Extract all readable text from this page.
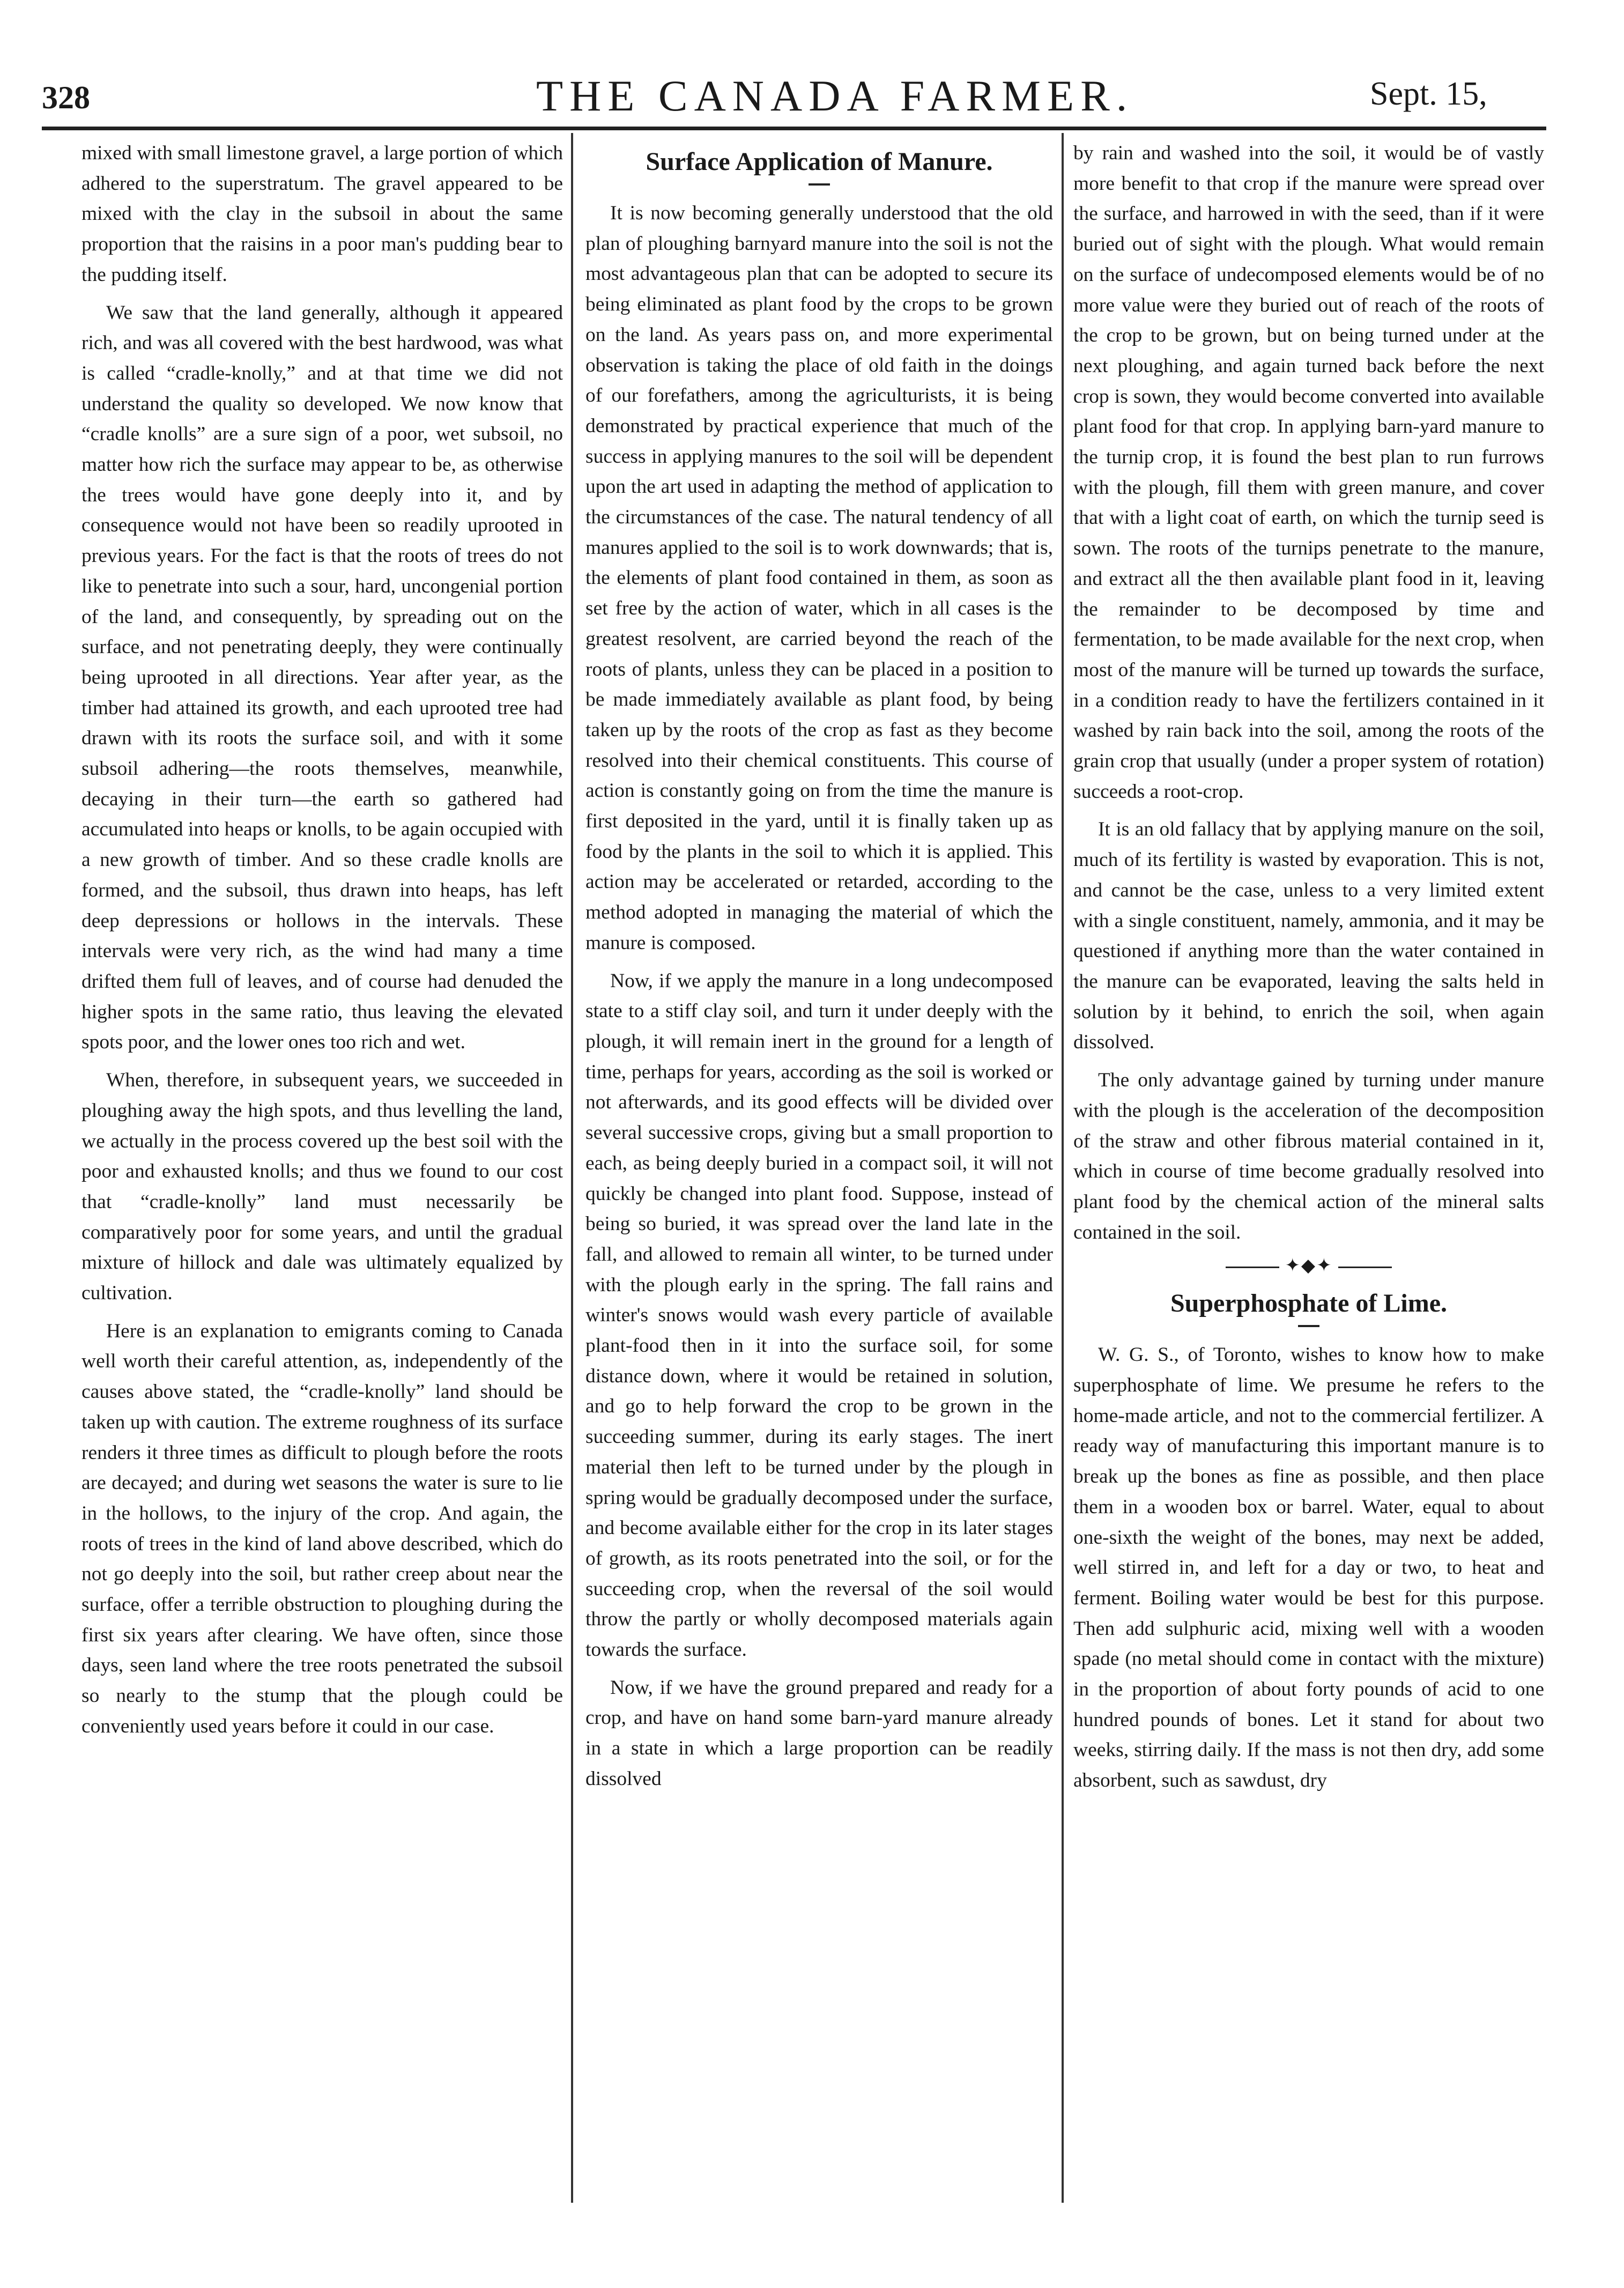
328	THE CANADA FARMER.	Sept. 15,

mixed with small limestone gravel, a large portion of which adhered to the superstratum. The gravel appeared to be mixed with the clay in the subsoil in about the same proportion that the raisins in a poor man's pudding bear to the pudding itself.

We saw that the land generally, although it appeared rich, and was all covered with the best hardwood, was what is called “cradle-knolly,” and at that time we did not understand the quality so developed. We now know that “cradle knolls” are a sure sign of a poor, wet subsoil, no matter how rich the surface may appear to be, as otherwise the trees would have gone deeply into it, and by consequence would not have been so readily uprooted in previous years. For the fact is that the roots of trees do not like to penetrate into such a sour, hard, uncongenial portion of the land, and consequently, by spreading out on the surface, and not penetrating deeply, they were continually being uprooted in all directions. Year after year, as the timber had attained its growth, and each uprooted tree had drawn with its roots the surface soil, and with it some subsoil adhering—the roots themselves, meanwhile, decaying in their turn—the earth so gathered had accumulated into heaps or knolls, to be again occupied with a new growth of timber. And so these cradle knolls are formed, and the subsoil, thus drawn into heaps, has left deep depressions or hollows in the intervals. These intervals were very rich, as the wind had many a time drifted them full of leaves, and of course had denuded the higher spots in the same ratio, thus leaving the elevated spots poor, and the lower ones too rich and wet.

When, therefore, in subsequent years, we succeeded in ploughing away the high spots, and thus levelling the land, we actually in the process covered up the best soil with the poor and exhausted knolls; and thus we found to our cost that “cradle-knolly” land must necessarily be comparatively poor for some years, and until the gradual mixture of hillock and dale was ultimately equalized by cultivation.

Here is an explanation to emigrants coming to Canada well worth their careful attention, as, independently of the causes above stated, the “cradle-knolly” land should be taken up with caution. The extreme roughness of its surface renders it three times as difficult to plough before the roots are decayed; and during wet seasons the water is sure to lie in the hollows, to the injury of the crop. And again, the roots of trees in the kind of land above described, which do not go deeply into the soil, but rather creep about near the surface, offer a terrible obstruction to ploughing during the first six years after clearing. We have often, since those days, seen land where the tree roots penetrated the subsoil so nearly to the stump that the plough could be conveniently used years before it could in our case.

Surface Application of Manure.

It is now becoming generally understood that the old plan of ploughing barnyard manure into the soil is not the most advantageous plan that can be adopted to secure its being eliminated as plant food by the crops to be grown on the land. As years pass on, and more experimental observation is taking the place of old faith in the doings of our forefathers, among the agriculturists, it is being demonstrated by practical experience that much of the success in applying manures to the soil will be dependent upon the art used in adapting the method of application to the circumstances of the case. The natural tendency of all manures applied to the soil is to work downwards; that is, the elements of plant food contained in them, as soon as set free by the action of water, which in all cases is the greatest resolvent, are carried beyond the reach of the roots of plants, unless they can be placed in a position to be made immediately available as plant food, by being taken up by the roots of the crop as fast as they become resolved into their chemical constituents. This course of action is constantly going on from the time the manure is first deposited in the yard, until it is finally taken up as food by the plants in the soil to which it is applied. This action may be accelerated or retarded, according to the method adopted in managing the material of which the manure is composed.

Now, if we apply the manure in a long undecomposed state to a stiff clay soil, and turn it under deeply with the plough, it will remain inert in the ground for a length of time, perhaps for years, according as the soil is worked or not afterwards, and its good effects will be divided over several successive crops, giving but a small proportion to each, as being deeply buried in a compact soil, it will not quickly be changed into plant food. Suppose, instead of being so buried, it was spread over the land late in the fall, and allowed to remain all winter, to be turned under with the plough early in the spring. The fall rains and winter's snows would wash every particle of available plant-food then in it into the surface soil, for some distance down, where it would be retained in solution, and go to help forward the crop to be grown in the succeeding summer, during its early stages. The inert material then left to be turned under by the plough in spring would be gradually decomposed under the surface, and become available either for the crop in its later stages of growth, as its roots penetrated into the soil, or for the succeeding crop, when the reversal of the soil would throw the partly or wholly decomposed materials again towards the surface.

Now, if we have the ground prepared and ready for a crop, and have on hand some barn-yard manure already in a state in which a large proportion can be readily dissolved

by rain and washed into the soil, it would be of vastly more benefit to that crop if the manure were spread over the surface, and harrowed in with the seed, than if it were buried out of sight with the plough. What would remain on the surface of undecomposed elements would be of no more value were they buried out of reach of the roots of the crop to be grown, but on being turned under at the next ploughing, and again turned back before the next crop is sown, they would become converted into available plant food for that crop. In applying barn-yard manure to the turnip crop, it is found the best plan to run furrows with the plough, fill them with green manure, and cover that with a light coat of earth, on which the turnip seed is sown. The roots of the turnips penetrate to the manure, and extract all the then available plant food in it, leaving the remainder to be decomposed by time and fermentation, to be made available for the next crop, when most of the manure will be turned up towards the surface, in a condition ready to have the fertilizers contained in it washed by rain back into the soil, among the roots of the grain crop that usually (under a proper system of rotation) succeeds a root-crop.

It is an old fallacy that by applying manure on the soil, much of its fertility is wasted by evaporation. This is not, and cannot be the case, unless to a very limited extent with a single constituent, namely, ammonia, and it may be questioned if anything more than the water contained in the manure can be evaporated, leaving the salts held in solution by it behind, to enrich the soil, when again dissolved.

The only advantage gained by turning under manure with the plough is the acceleration of the decomposition of the straw and other fibrous material contained in it, which in course of time become gradually resolved into plant food by the chemical action of the mineral salts contained in the soil.

✦◆✦
Superphosphate of Lime.

W. G. S., of Toronto, wishes to know how to make superphosphate of lime. We presume he refers to the home-made article, and not to the commercial fertilizer. A ready way of manufacturing this important manure is to break up the bones as fine as possible, and then place them in a wooden box or barrel. Water, equal to about one-sixth the weight of the bones, may next be added, well stirred in, and left for a day or two, to heat and ferment. Boiling water would be best for this purpose. Then add sulphuric acid, mixing well with a wooden spade (no metal should come in contact with the mixture) in the proportion of about forty pounds of acid to one hundred pounds of bones. Let it stand for about two weeks, stirring daily. If the mass is not then dry, add some absorbent, such as sawdust, dry
